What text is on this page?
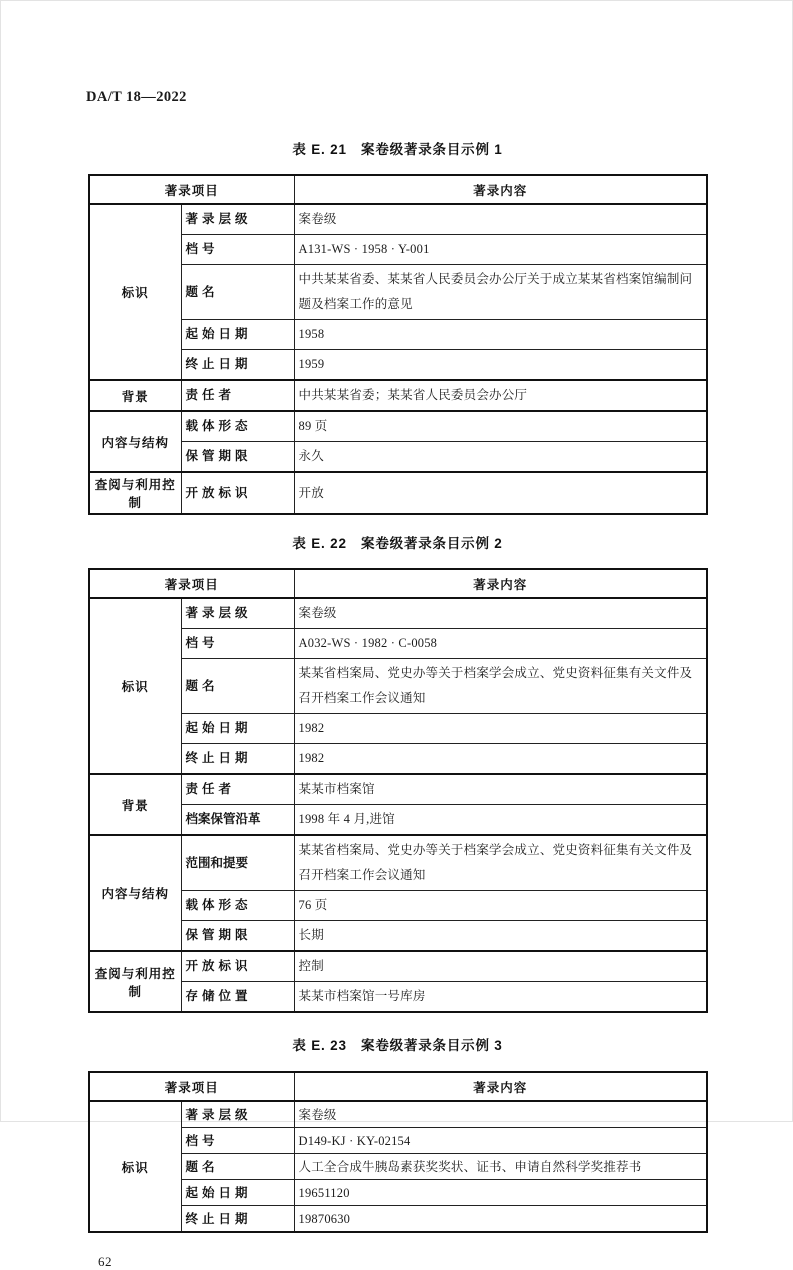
DA/T 18—2022
表 E. 21　案卷级著录条目示例 1
著录项目		著录内容
标识	著录层级	案卷级
	档号	A131-WS · 1958 · Y-001
	题名	中共某某省委、某某省人民委员会办公厅关于成立某某省档案馆编制问题及档案工作的意见
	起始日期	1958
	终止日期	1959
背景	责任者	中共某某省委；某某省人民委员会办公厅
内容与结构	载体形态	89 页
	保管期限	永久
查阅与利用控制	开放标识	开放
表 E. 22　案卷级著录条目示例 2
著录项目		著录内容
标识	著录层级	案卷级
	档号	A032-WS · 1982 · C-0058
	题名	某某省档案局、党史办等关于档案学会成立、党史资料征集有关文件及召开档案工作会议通知
	起始日期	1982
	终止日期	1982
背景	责任者	某某市档案馆
	档案保管沿革	1998 年 4 月,进馆
内容与结构	范围和提要	某某省档案局、党史办等关于档案学会成立、党史资料征集有关文件及召开档案工作会议通知
	载体形态	76 页
	保管期限	长期
查阅与利用控制	开放标识	控制
	存储位置	某某市档案馆一号库房
表 E. 23　案卷级著录条目示例 3
著录项目		著录内容
标识	著录层级	案卷级
	档号	D149-KJ · KY-02154
	题名	人工全合成牛胰岛素获奖奖状、证书、申请自然科学奖推荐书
	起始日期	19651120
	终止日期	19870630
62
